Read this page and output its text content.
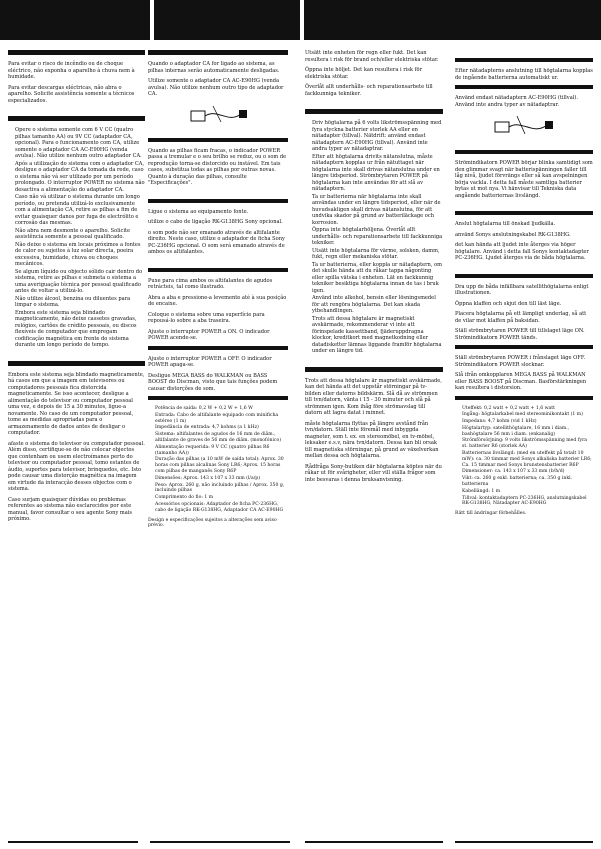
Para evitar o risco de incêndio ou de choque eléctrico, não exponha o aparelho à chuva nem à humidade.

Para evitar descargas eléctricas, não abra o aparelho. Solicite assistência somente a técnicos especializados.

• Opere o sistema somente com 6 V CC (quatro pilhas tamanho AA) ou 9V CC (adaptador CA, opcional). Para o funcionamento com CA, utilize somente o adaptador CA AC-E90HG (venda avulsa). Não utilize nenhum outro adaptador CA.
• Após a utilização do sistema com o adaptador CA, desligue o adaptador CA da tomada da rede, caso o sistema não vá ser utilizado por um período prolongado. O interruptor POWER no sistema não desactiva a alimentação do adaptador CA.
• Caso não vá utilizar o sistema durante um longo período, ou pretenda utilizá-lo exclusivamente com a alimentação CA, retire as pilhas a fim de evitar quaisquer danos por fuga de electrólito e corrosão das mesmas.
• Não abra nem desmonte o aparelho. Solicite assistência somente a pessoal qualificado.
• Não deixe o sistema em locais próximos a fontes de calor ou sujeitos à luz solar directa, poeira excessiva, humidade, chuva ou choques mecânicos.
• Se algum líquido ou objecto sólido cair dentro do sistema, retire as pilhas e submeta o sistema a uma averiguação técnica por pessoal qualificado antes de voltar a utilizá-lo.
• Não utilize álcool, benzina ou diluentes para limpar o sistema.
• Embora este sistema seja blindado magneticamente, não deixe cassetes gravadas, relógios, cartões de crédito pessoais, ou discos flexíveis de computador que empregam codificação magnética em frente do sistema durante um longo período de tempo.

Embora este sistema seja blindado magneticamente, há casos em que a imagem em televisores ou computadores pessoais fica distorcida magneticamente. Se isso acontecer, desligue a alimentação do televisor ou computador pessoal uma vez, e depois de 15 a 30 minutos, ligue-a novamente. No caso de um computador pessoal, tome as medidas apropriadas para o armazenamento de dados antes de desligar o computador.

afaste o sistema do televisor ou computador pessoal. Além disso, certifique-se de não colocar objectos que contenham ou usem electroímanes perto do televisor ou computador pessoal, tomo estantes de áudio, suportes para televisor, brinquedos, etc. Isto pode causar uma distorção magnética na imagem em virtude da interacção desses objectos com o sistema.

Caso surjam quaisquer dúvidas ou problemas referentes ao sistema não esclarecidos por este manual, favor consultar o seu agente Sony mais próximo.

Quando o adaptador CA for ligado ao sistema, as pilhas internas serão automaticamente desligadas.

Utilize somente o adaptador CA AC-E90HG (venda avulsa). Não utilize nenhum outro tipo de adaptador CA.

Quando as pilhas ficam fracas, o indicador POWER passa a tremular e o seu brilho se reduz, ou o som de reprodução torna-se distorcido ou instável. Em tais casos, substitua todas as pilhas por outras novas. Quanto à duração das pilhas, consulte "Especificações".

Ligue o sistema ao equipamento fonte.

utilize o cabo de ligação RK-G138HG Sony opcional.

o som pode não ser emanado através de altifalante direito. Neste caso, utilize o adaptador de ficha Sony PC-236HG opcional. O som será emanado através de ambos os altifalantes.

Puxe para cima ambos os altifalantes de agudos retrácteis, tal como ilustrado.

Abra a aba e pressione-a levemente até à sua posição de encaixe.

Coloque o sistema sobre uma superfície para repousá-lo sobre a aba traseira.

Ajuste o interruptor POWER a ON. O indicador POWER acende-se.

Ajuste o interruptor POWER a OFF. O indicador POWER apaga-se.

Desligue MEGA BASS do WALKMAN ou BASS BOOST do Discman, visto que tais funções podem causar distorções de som.

• Potência de saída: 0,2 W + 0,2 W + 1,6 W
• Entrada: Cabo de altifalante equipado com minificha estéreo (1 m)
• Impedância de entrada: 4,7 kohms (a 1 kHz)
• Sistema: altifalantes de agudos de 16 mm de diâm., altifalante de graves de 56 mm de diâm. (monofónico)
• Alimentação requerida: 9 V CC (quatro pilhas R6 (tamanho AA))
• Duração das pilhas (a 10 mW de saída total): Aprox. 30 horas com pilhas alcalinas Sony LR6; Aprox. 15 horas com pilhas de manganês Sony R6P
• Dimensões: Aprox. 143 x 107 x 33 mm (l/a/p)
• Peso: Aprox. 260 g, não incluindo pilhas / Aprox. 350 g, incluindo pilhas
• Comprimento do fio: 1 m
• Acessórios opcionais: Adaptador de ficha PC-236HG, cabo de ligação RK-G138HG, Adaptador CA AC-E90HG

Design e especificações sujeitos a alterações sem aviso prévio.

Utsätt inte enheten för regn eller fukt. Det kan resultera i risk för brand och/eller elektriska stötar.

Öppna inte höljet. Det kan resultera i risk för elektriska stötar.

Överlåt allt underhålls- och reparationsarbete till fackkunniga tekniker.

• Driv högtalarna på 6 volts likströmsspänning med fyra styckna batterier storlek AA eller en nätadapter (tillval). Nätdrift: använd endast nätadaptern AC-E90HG (tillval). Använd inte andra typer av nätadaptrar.
• Efter att högtalarna drivits nätanslutna, måste nätadaptern kopplas ur från nätuttaget när högtalarna inte skall drivas nätanslutna under en längre tidsperiod. Strömbrytaren POWER på högtalarna kan inte användas för att slå av nätadaptern.
• Ta ur batterierna när högtalarna inte skall användas under en längre tidsperiod, eller när de huvudsakligen skall drivas nätanslutna, för att undvika skador på grund av batteriläckage och korrosion.
• Öppna inte högtalarhöljena. Överlåt allt underhålls- och reparationsarbete till fackkunniga tekniker.
• Utsätt inte högtalarna för värme, solsken, damm, fukt, regn eller mekaniska stötar.
• Ta ur batterierna, eller koppla ur nätadaptern, om det skulle hända att du råkar tappa någonting eller spilla vätska i enheten. Lät en fackkunnig tekniker besiktiga högtalarna innan de tas i bruk igen.
• Använd inte alkohol, bensin eller lösningsmedel för att rengöra högtalarna. Det kan skada ytbehandlingen.
• Trots att dessa högtalare är magnetiskt avskärmade, rekommenderar vi inte att förinspelade kassettband, fjäderuppdragna klockor, kreditkort med magnetkodning eller datadisketter lämnas liggande framför högtalarna under en längre tid.

Trots att dessa högtalare är magnetiskt avskärmade, kan det hända att det uppstår störningar på tv-bilden eller datorns bildskärm. Slå då av strömmen till tvn/datorn, vänta i 15 - 30 minuter och slå på strömmen igen. Kom ihåg före strömavslag till datorn att lagra datat i minnet.

måste högtalarna flyttas på längre avstånd från tvn/datorn. Ställ inte föremål med inbyggda magneter, som t. ex. en stereomöbel, en tv-möbel, leksaker e.s.v, nära tvn/datorn. Dessa kan bli orsak till magnetiska störningar, på grund av växelverkan mellan dessa och högtalarna.

Rådfråga Sony-butiken där högtalarna köptes när du råkar ut för svårigheter, eller vill ställa frågor som inte besvaras i denna bruksanvisning.

Efter nätadapterns anslutning till högtalarna kopplas de ingående batterierna automatiskt ur.

Använd endast nätadaptern AC-E90HG (tillval). Använd inte andra typer av nätadaptrar.

Strömindikatorn POWER börjar blinka samtidigt som den glimmar svagt när batterispänningen faller till låg nivå, ljudet förvrängs eller så kan avspelningen börja vackla. I detta fall måste samtliga batterier bytas ut mot nya. Vi hänvisar till Tekniska data angående batteriernas livslängd.

Anslut högtalarna till önskad ljudkälla.

använd Sonys anslutningskabel RK-G138HG.

det kan hända att ljudet inte återges via höger högtalare. Använd i detta fall Sonys kontaktadapter PC-236HG. Ljudet återges via de båda högtalarna.

Dra upp de båda infällbara satellithögtalarna enligt illustrationen.

Öppna klaffen och skjut den till läst läge.

Placera högtalarna på ett lämpligt underlag, så att de vilar mot klaffen på baksidan.

Ställ strömbrytaren POWER till tillslaget läge ON. Strömindikatorn POWER tänds.

Ställ strömbrytaren POWER i frånslaget läge OFF. Strömindikatorn POWER slocknar.

Slå ifrån omkopplaren MEGA BASS på WALKMAN eller BASS BOOST på Discman. Basförstärkningen kan resultera i distorsion.

• Uteffekt: 0,2 watt + 0,2 watt + 1,6 watt
• Ingång: högtalarkabel med stereominikontakt (1 m)
• Impedans: 4,7 kohm (vid 1 kHz)
• Högtalartyp: satellithögtalare, 16 mm i diam., bashögtalare 56 mm i diam. (enkanalig)
• Strömförsörjning: 9 volts likströmsspänning med fyra st. batterier R6 (storlek AA)
• Batteriernas livslängd: (med en uteffekt på totalt 10 mW): ca. 30 timmar med Sonys alkaliska batterier LR6; Ca. 15 timmar med Sonys brunstensbatterier R6P
• Dimensioner: ca. 143 x 107 x 33 mm (b/h/d)
• Vikt: ca. 260 g exkl. batterierna; ca. 350 g inkl. batterierna
• Kabellängd: 1 m
• Tillval: kontaktadaptern PC-236HG, anslutningskabel RK-G138HG, Nätadapter AC-E90HG

Rätt till ändringar förbehålles.
